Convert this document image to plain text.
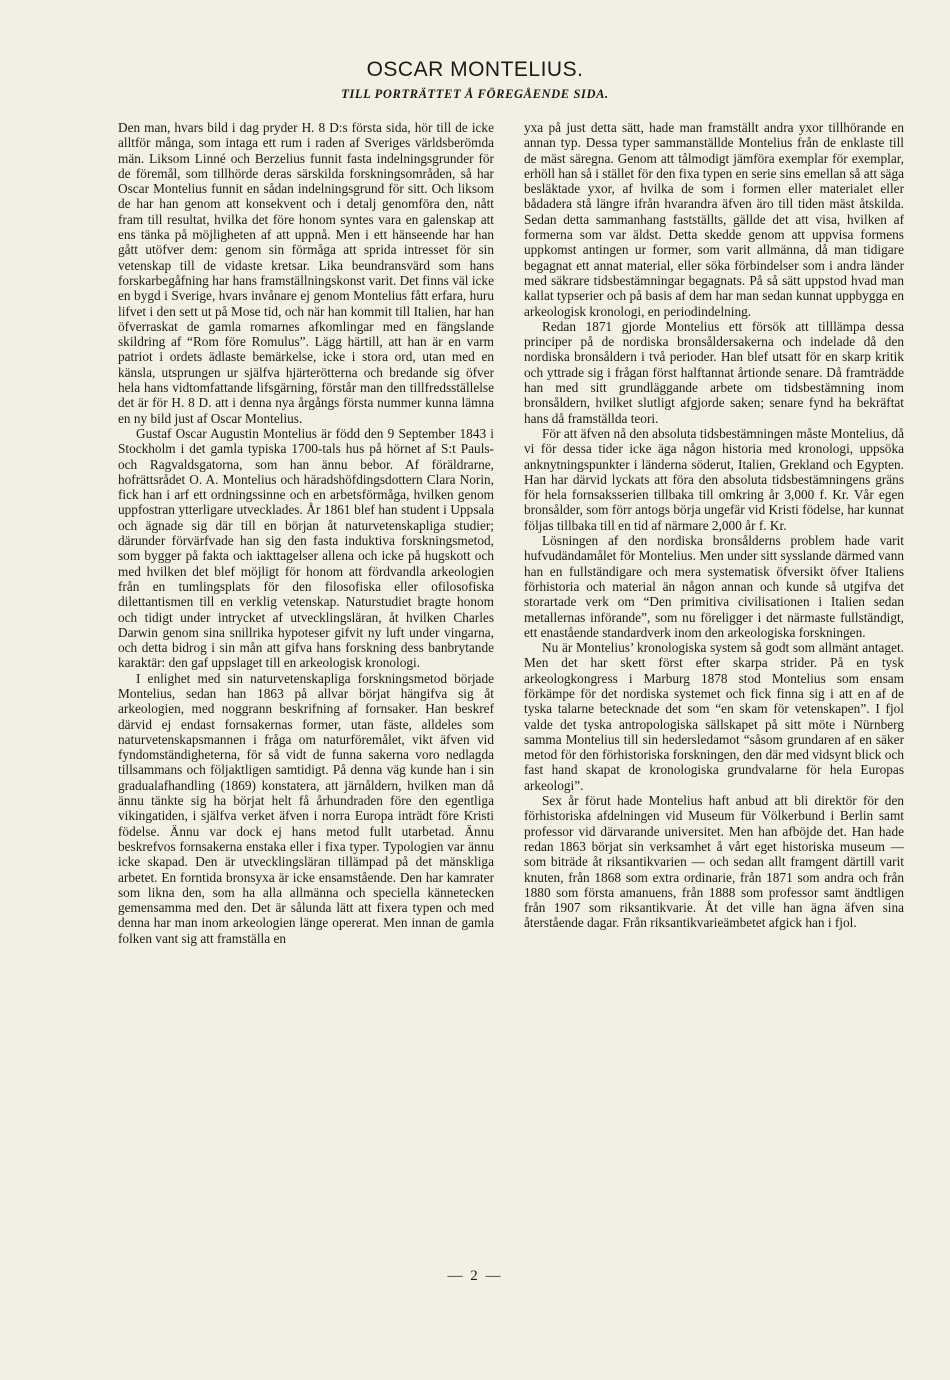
OSCAR MONTELIUS.

TILL PORTRÄTTET Å FÖREGÅENDE SIDA.

Den man, hvars bild i dag pryder H. 8 D:s första sida, hör till de icke alltför många, som intaga ett rum i raden af Sveriges världsberömda män. Liksom Linné och Berzelius funnit fasta indelningsgrunder för de föremål, som tillhörde deras särskilda forskningsområden, så har Oscar Montelius funnit en sådan indelningsgrund för sitt. Och liksom de har han genom att konsekvent och i detalj genomföra den, nått fram till resultat, hvilka det före honom syntes vara en galenskap att ens tänka på möjligheten af att uppnå. Men i ett hänseende har han gått utöfver dem: genom sin förmåga att sprida intresset för sin vetenskap till de vidaste kretsar. Lika beundransvärd som hans forskarbegåfning har hans framställningskonst varit. Det finns väl icke en bygd i Sverige, hvars invånare ej genom Montelius fått erfara, huru lifvet i den sett ut på Mose tid, och när han kommit till Italien, har han öfverraskat de gamla romarnes afkomlingar med en fängslande skildring af “Rom före Romulus”. Lägg härtill, att han är en varm patriot i ordets ädlaste bemärkelse, icke i stora ord, utan med en känsla, utsprungen ur själfva hjärterötterna och bredande sig öfver hela hans vidtomfattande lifsgärning, förstår man den tillfredsställelse det är för H. 8 D. att i denna nya årgångs första nummer kunna lämna en ny bild just af Oscar Montelius.

Gustaf Oscar Augustin Montelius är född den 9 September 1843 i Stockholm i det gamla typiska 1700-tals hus på hörnet af S:t Pauls- och Ragvaldsgatorna, som han ännu bebor. Af föräldrarne, hofrättsrådet O. A. Montelius och häradshöfdingsdottern Clara Norin, fick han i arf ett ordningssinne och en arbetsförmåga, hvilken genom uppfostran ytterligare utvecklades. År 1861 blef han student i Uppsala och ägnade sig där till en början åt naturvetenskapliga studier; därunder förvärfvade han sig den fasta induktiva forskningsmetod, som bygger på fakta och iakttagelser allena och icke på hugskott och med hvilken det blef möjligt för honom att fördvandla arkeologien från en tumlingsplats för den filosofiska eller ofilosofiska dilettantismen till en verklig vetenskap. Naturstudiet bragte honom och tidigt under intrycket af utvecklingsläran, åt hvilken Charles Darwin genom sina snillrika hypoteser gifvit ny luft under vingarna, och detta bidrog i sin mån att gifva hans forskning dess banbrytande karaktär: den gaf uppslaget till en arkeologisk kronologi.

I enlighet med sin naturvetenskapliga forskningsmetod började Montelius, sedan han 1863 på allvar börjat hängifva sig åt arkeologien, med noggrann beskrifning af fornsaker. Han beskref därvid ej endast fornsakernas former, utan fäste, alldeles som naturvetenskapsmannen i fråga om naturföremålet, vikt äfven vid fyndomständigheterna, för så vidt de funna sakerna voro nedlagda tillsammans och följaktligen samtidigt. På denna väg kunde han i sin gradualafhandling (1869) konstatera, att järnåldern, hvilken man då ännu tänkte sig ha börjat helt få århundraden före den egentliga vikingatiden, i själfva verket äfven i norra Europa inträdt före Kristi födelse. Ännu var dock ej hans metod fullt utarbetad. Ännu beskrefvos fornsakerna enstaka eller i fixa typer. Typologien var ännu icke skapad. Den är utvecklingsläran tillämpad på det mänskliga arbetet. En forntida bronsyxa är icke ensamstående. Den har kamrater som likna den, som ha alla allmänna och speciella kännetecken gemensamma med den. Det är sålunda lätt att fixera typen och med denna har man inom arkeologien länge opererat. Men innan de gamla folken vant sig att framställa en

yxa på just detta sätt, hade man framställt andra yxor tillhörande en annan typ. Dessa typer sammanställde Montelius från de enklaste till de mäst säregna. Genom att tålmodigt jämföra exemplar för exemplar, erhöll han så i stället för den fixa typen en serie sins emellan så att säga besläktade yxor, af hvilka de som i formen eller materialet eller bådadera stå längre ifrån hvarandra äfven äro till tiden mäst åtskilda. Sedan detta sammanhang fastställts, gällde det att visa, hvilken af formerna som var äldst. Detta skedde genom att uppvisa formens uppkomst antingen ur former, som varit allmänna, då man tidigare begagnat ett annat material, eller söka förbindelser som i andra länder med säkrare tidsbestämningar begagnats. På så sätt uppstod hvad man kallat typserier och på basis af dem har man sedan kunnat uppbygga en arkeologisk kronologi, en periodindelning.

Redan 1871 gjorde Montelius ett försök att tilllämpa dessa principer på de nordiska bronsåldersakerna och indelade då den nordiska bronsåldern i två perioder. Han blef utsatt för en skarp kritik och yttrade sig i frågan först halftannat årtionde senare. Då framträdde han med sitt grundläggande arbete om tidsbestämning inom bronsåldern, hvilket slutligt afgjorde saken; senare fynd ha bekräftat hans då framställda teori.

För att äfven nå den absoluta tidsbestämningen måste Montelius, då vi för dessa tider icke äga någon historia med kronologi, uppsöka anknytningspunkter i länderna söderut, Italien, Grekland och Egypten. Han har därvid lyckats att föra den absoluta tidsbestämningens gräns för hela fornsaksserien tillbaka till omkring år 3,000 f. Kr. Vår egen bronsålder, som förr antogs börja ungefär vid Kristi födelse, har kunnat följas tillbaka till en tid af närmare 2,000 år f. Kr.

Lösningen af den nordiska bronsålderns problem hade varit hufvudändamålet för Montelius. Men under sitt sysslande därmed vann han en fullständigare och mera systematisk öfversikt öfver Italiens förhistoria och material än någon annan och kunde så utgifva det storartade verk om “Den primitiva civilisationen i Italien sedan metallernas införande”, som nu föreligger i det närmaste fullständigt, ett enastående standardverk inom den arkeologiska forskningen.

Nu är Montelius’ kronologiska system så godt som allmänt antaget. Men det har skett först efter skarpa strider. På en tysk arkeologkongress i Marburg 1878 stod Montelius som ensam förkämpe för det nordiska systemet och fick finna sig i att en af de tyska talarne betecknade det som “en skam för vetenskapen”. I fjol valde det tyska antropologiska sällskapet på sitt möte i Nürnberg samma Montelius till sin hedersledamot “såsom grundaren af en säker metod för den förhistoriska forskningen, den där med vidsynt blick och fast hand skapat de kronologiska grundvalarne för hela Europas arkeologi”.

Sex år förut hade Montelius haft anbud att bli direktör för den förhistoriska afdelningen vid Museum für Völkerbund i Berlin samt professor vid därvarande universitet. Men han afböjde det. Han hade redan 1863 börjat sin verksamhet å vårt eget historiska museum — som biträde åt riksantikvarien — och sedan allt framgent därtill varit knuten, från 1868 som extra ordinarie, från 1871 som andra och från 1880 som första amanuens, från 1888 som professor samt ändtligen från 1907 som riksantikvarie. Åt det ville han ägna äfven sina återstående dagar. Från riksantikvarieämbetet afgick han i fjol.

— 2 —
